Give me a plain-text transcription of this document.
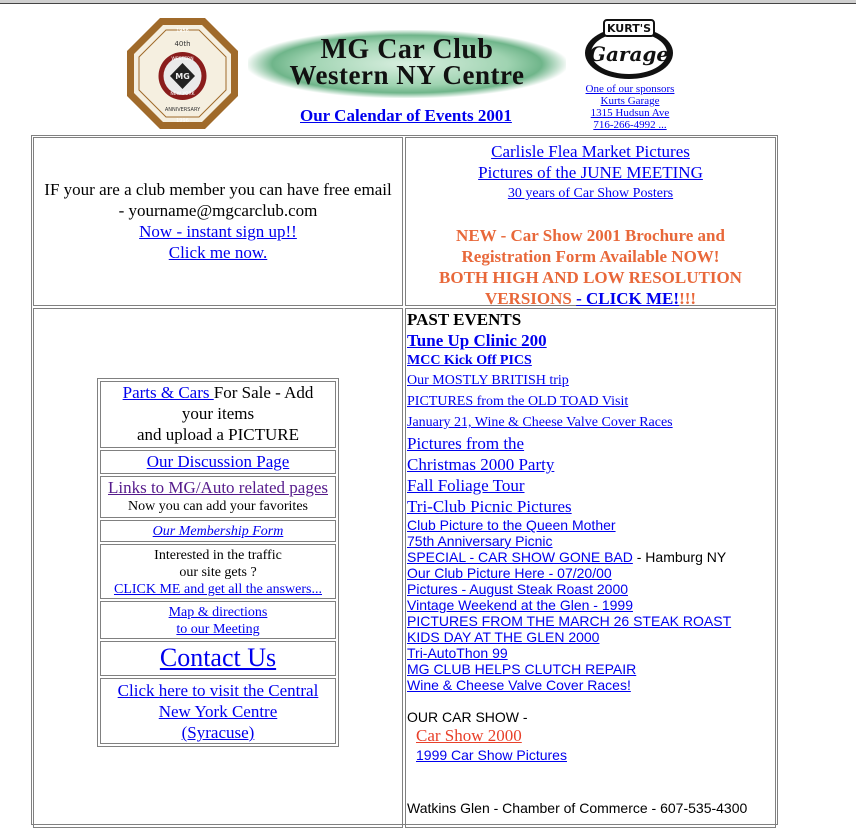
1956
40th
WESTERN
MG
NEW YORK
ANNIVERSARY
1996
MG Car Club
Western NY Centre
Our Calendar of Events 2001
KURT'S
Garage
One of our sponsors
Kurts Garage
1315 Hudsun Ave
716-266-4992 ...
IF your are a club member you can have free email
- yourname@mgcarclub.com
Now - instant sign up!!
Click me now.
Carlisle Flea Market Pictures
Pictures of the JUNE MEETING
30 years of Car Show Posters
NEW - Car Show 2001 Brochure and
Registration Form Available NOW!
BOTH HIGH AND LOW RESOLUTION
VERSIONS - CLICK ME!!!!
Parts & Cars For Sale - Add
your items
and upload a PICTURE
Our Discussion Page
Links to MG/Auto related pages
Now you can add your favorites
Our Membership Form
Interested in the traffic
our site gets ?
CLICK ME and get all the answers...
Map & directions
to our Meeting
Contact Us
Click here to visit the Central
New York Centre
(Syracuse)
PAST EVENTS
Tune Up Clinic 200
MCC Kick Off PICS
Our MOSTLY BRITISH trip
PICTURES from the OLD TOAD Visit
January 21, Wine & Cheese Valve Cover Races
Pictures from the
Christmas 2000 Party
Fall Foliage Tour
Tri-Club Picnic Pictures
Club Picture to the Queen Mother
75th Anniversary Picnic
SPECIAL - CAR SHOW GONE BAD - Hamburg NY
Our Club Picture Here - 07/20/00
Pictures - August Steak Roast 2000
Vintage Weekend at the Glen - 1999
PICTURES FROM THE MARCH 26 STEAK ROAST
KIDS DAY AT THE GLEN 2000
Tri-AutoThon 99
MG CLUB HELPS CLUTCH REPAIR
Wine & Cheese Valve Cover Races!
OUR CAR SHOW -
Car Show 2000
1999 Car Show Pictures
Watkins Glen - Chamber of Commerce - 607-535-4300
